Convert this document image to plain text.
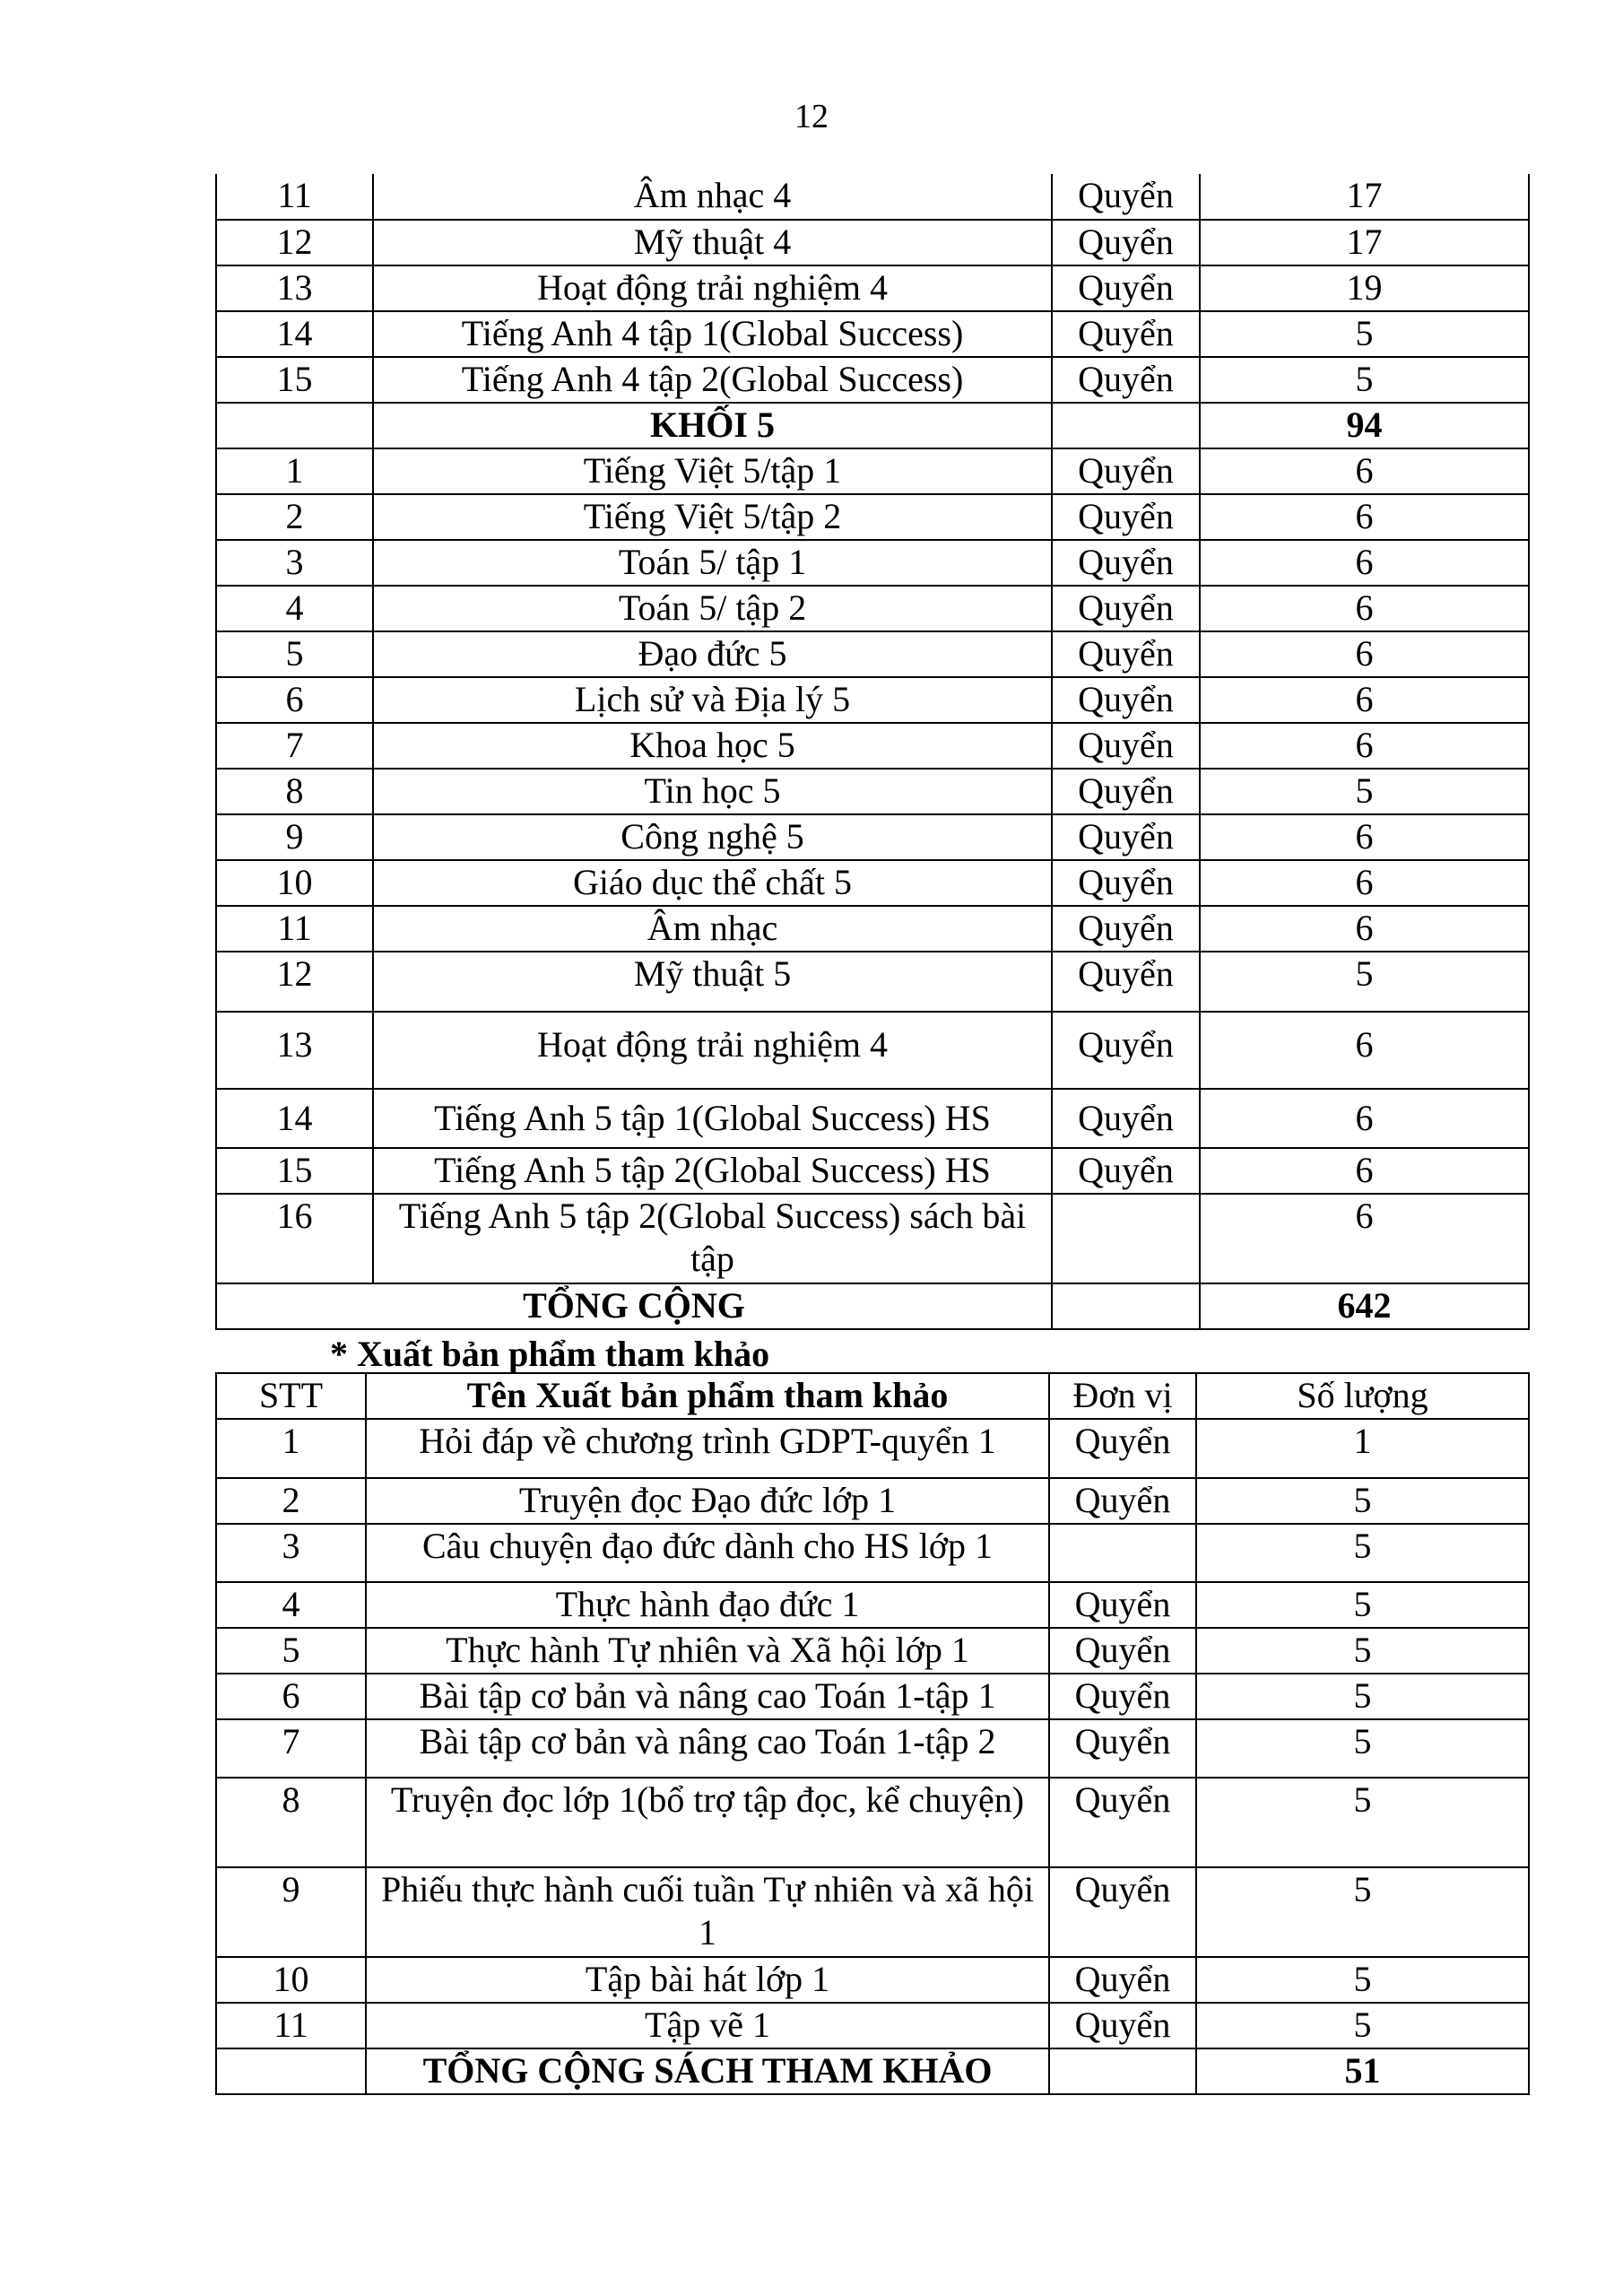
12
11	Âm nhạc 4	Quyển	17
12	Mỹ thuật 4	Quyển	17
13	Hoạt động trải nghiệm 4	Quyển	19
14	Tiếng Anh 4 tập 1(Global Success)	Quyển	5
15	Tiếng Anh 4 tập 2(Global Success)	Quyển	5
	KHỐI 5		94
1	Tiếng Việt 5/tập 1	Quyển	6
2	Tiếng Việt 5/tập 2	Quyển	6
3	Toán 5/ tập 1	Quyển	6
4	Toán 5/ tập 2	Quyển	6
5	Đạo đức 5	Quyển	6
6	Lịch sử và Địa lý 5	Quyển	6
7	Khoa học 5	Quyển	6
8	Tin học 5	Quyển	5
9	Công nghệ 5	Quyển	6
10	Giáo dục thể chất 5	Quyển	6
11	Âm nhạc	Quyển	6
12	Mỹ thuật 5	Quyển	5
13	Hoạt động trải nghiệm 4	Quyển	6
14	Tiếng Anh 5 tập 1(Global Success) HS	Quyển	6
15	Tiếng Anh 5 tập 2(Global Success) HS	Quyển	6
16	Tiếng Anh 5 tập 2(Global Success) sách bài tập		6
TỔNG CỘNG			642
* Xuất bản phẩm tham khảo
STT	Tên Xuất bản phẩm tham khảo	Đơn vị	Số lượng
1	Hỏi đáp về chương trình GDPT-quyển 1	Quyển	1
2	Truyện đọc Đạo đức lớp 1	Quyển	5
3	Câu chuyện đạo đức dành cho HS lớp 1		5
4	Thực hành đạo đức 1	Quyển	5
5	Thực hành Tự nhiên và Xã hội lớp 1	Quyển	5
6	Bài tập cơ bản và nâng cao Toán 1-tập 1	Quyển	5
7	Bài tập cơ bản và nâng cao Toán 1-tập 2	Quyển	5
8	Truyện đọc lớp 1(bổ trợ tập đọc, kể chuyện)	Quyển	5
9	Phiếu thực hành cuối tuần Tự nhiên và xã hội 1	Quyển	5
10	Tập bài hát lớp 1	Quyển	5
11	Tập vẽ 1	Quyển	5
	TỔNG CỘNG SÁCH THAM KHẢO		51
